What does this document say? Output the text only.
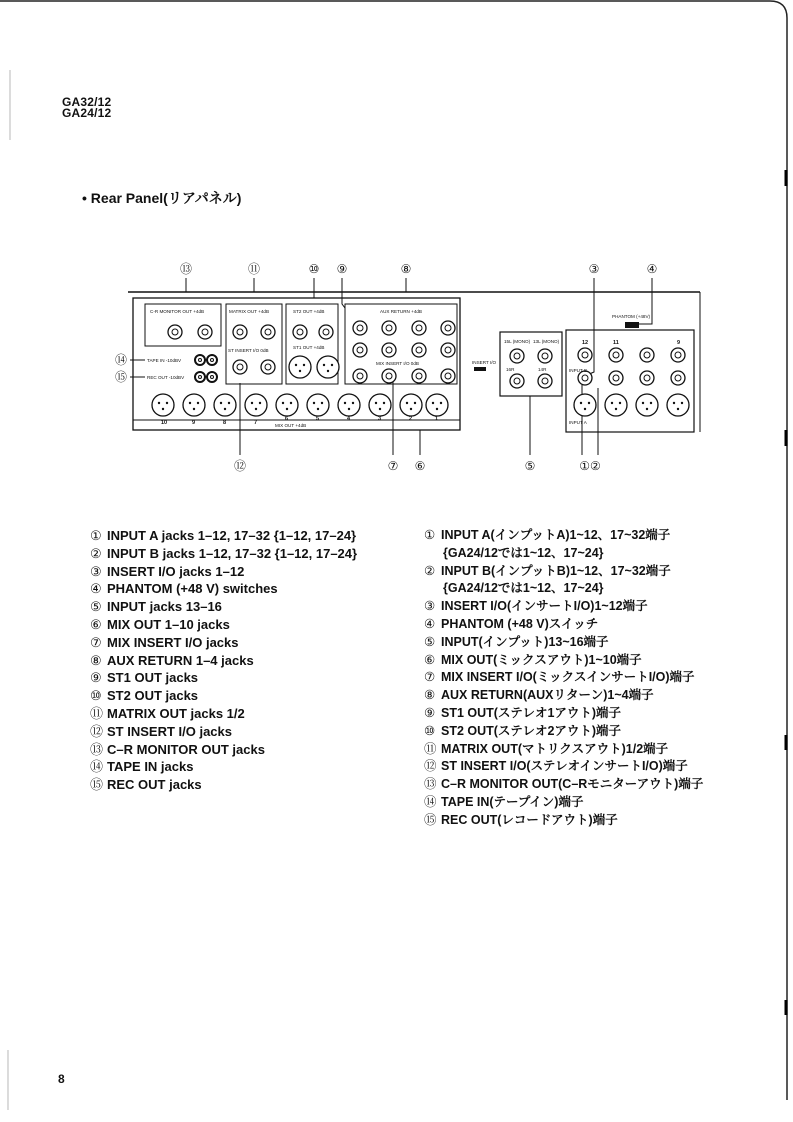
GA32/12
GA24/12
• Rear Panel(リアパネル)
C-R MONITOR OUT +4dB	MATRIX OUT +4dB	ST2 OUT +4dB	AUX RETURN +4dB
TAPE IN -10dBV
REC OUT -10dBV
ST INSERT I/O 0dB
ST1 OUT +4dB
MIX INSERT I/O 0dB
MIX OUT +4dB
PHANTOM (+48V)
12	11	9
15L (MONO) 13L (MONO)
16R	14R
INSERT I/O
INPUT B
INPUT A
10	9	8	7
6	5	4	3	2	1
⑬	⑪	⑩	⑨	⑧	③	④
⑭
⑮
⑫	⑦	⑥	⑤	①②
① INPUT A jacks 1–12, 17–32 {1–12, 17–24}
② INPUT B jacks 1–12, 17–32 {1–12, 17–24}
③ INSERT I/O jacks 1–12
④ PHANTOM (+48 V) switches
⑤ INPUT jacks 13–16
⑥ MIX OUT 1–10 jacks
⑦ MIX INSERT I/O jacks
⑧ AUX RETURN 1–4 jacks
⑨ ST1 OUT jacks
⑩ ST2 OUT jacks
⑪ MATRIX OUT jacks 1/2
⑫ ST INSERT I/O jacks
⑬ C–R MONITOR OUT jacks
⑭ TAPE IN jacks
⑮ REC OUT jacks
① INPUT A(インプットA)1~12、17~32端子
{GA24/12では1~12、17~24}
② INPUT B(インプットB)1~12、17~32端子
{GA24/12では1~12、17~24}
③ INSERT I/O(インサートI/O)1~12端子
④ PHANTOM (+48 V)スイッチ
⑤ INPUT(インプット)13~16端子
⑥ MIX OUT(ミックスアウト)1~10端子
⑦ MIX INSERT I/O(ミックスインサートI/O)端子
⑧ AUX RETURN(AUXリターン)1~4端子
⑨ ST1 OUT(ステレオ1アウト)端子
⑩ ST2 OUT(ステレオ2アウト)端子
⑪ MATRIX OUT(マトリクスアウト)1/2端子
⑫ ST INSERT I/O(ステレオインサートI/O)端子
⑬ C–R MONITOR OUT(C–Rモニターアウト)端子
⑭ TAPE IN(テープイン)端子
⑮ REC OUT(レコードアウト)端子
8
